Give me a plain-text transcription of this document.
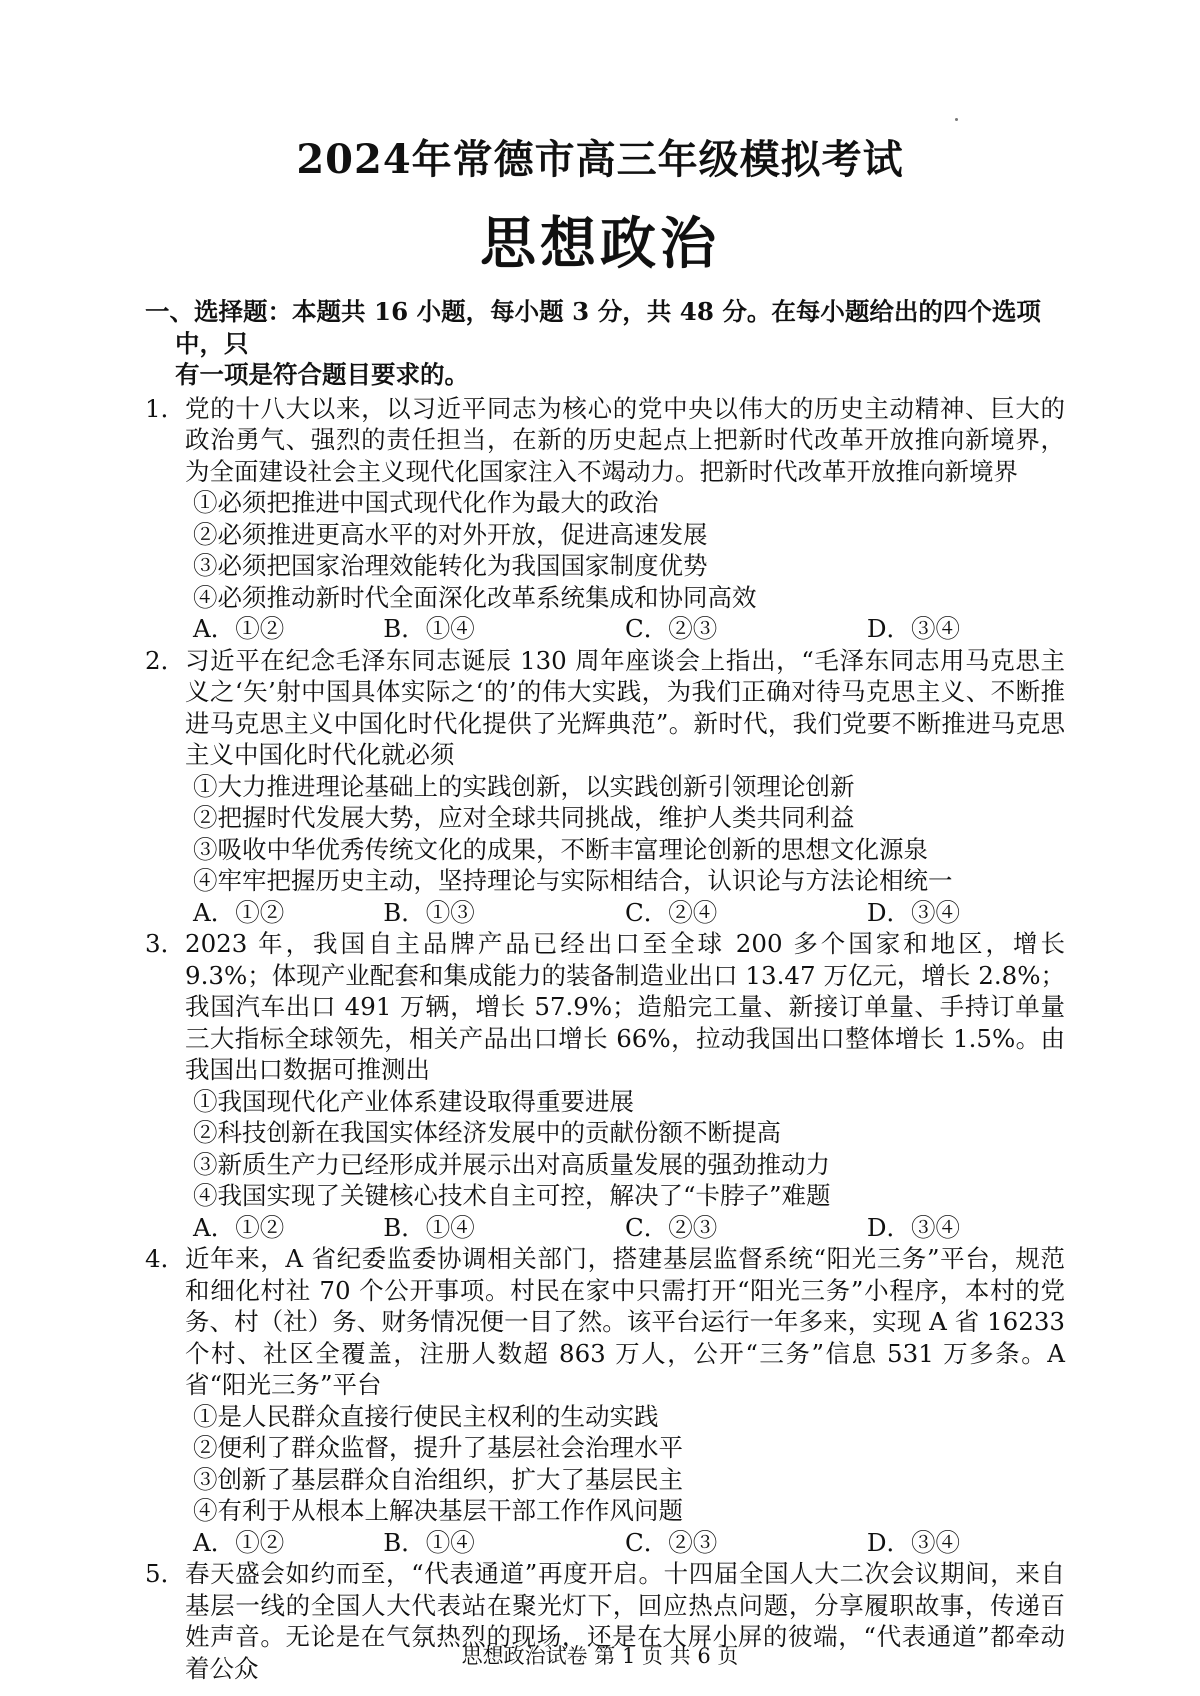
2024年常德市高三年级模拟考试
思想政治
一、选择题：本题共 16 小题，每小题 3 分，共 48 分。在每小题给出的四个选项中，只
有一项是符合题目要求的。
1． 党的十八大以来，以习近平同志为核心的党中央以伟大的历史主动精神、巨大的政治勇气、强烈的责任担当，在新的历史起点上把新时代改革开放推向新境界，为全面建设社会主义现代化国家注入不竭动力。把新时代改革开放推向新境界
①必须把推进中国式现代化作为最大的政治
②必须推进更高水平的对外开放，促进高速发展
③必须把国家治理效能转化为我国国家制度优势
④必须推动新时代全面深化改革系统集成和协同高效
A．①②	B．①④	C．②③	D．③④
2． 习近平在纪念毛泽东同志诞辰 130 周年座谈会上指出，“毛泽东同志用马克思主义之‘矢’射中国具体实际之‘的’的伟大实践，为我们正确对待马克思主义、不断推进马克思主义中国化时代化提供了光辉典范”。新时代，我们党要不断推进马克思主义中国化时代化就必须
①大力推进理论基础上的实践创新，以实践创新引领理论创新
②把握时代发展大势，应对全球共同挑战，维护人类共同利益
③吸收中华优秀传统文化的成果，不断丰富理论创新的思想文化源泉
④牢牢把握历史主动，坚持理论与实际相结合，认识论与方法论相统一
A．①②	B．①③	C．②④	D．③④
3． 2023 年，我国自主品牌产品已经出口至全球 200 多个国家和地区，增长 9.3%；体现产业配套和集成能力的装备制造业出口 13.47 万亿元，增长 2.8%；我国汽车出口 491 万辆，增长 57.9%；造船完工量、新接订单量、手持订单量三大指标全球领先，相关产品出口增长 66%，拉动我国出口整体增长 1.5%。由我国出口数据可推测出
①我国现代化产业体系建设取得重要进展
②科技创新在我国实体经济发展中的贡献份额不断提高
③新质生产力已经形成并展示出对高质量发展的强劲推动力
④我国实现了关键核心技术自主可控，解决了“卡脖子”难题
A．①②	B．①④	C．②③	D．③④
4． 近年来，A 省纪委监委协调相关部门，搭建基层监督系统“阳光三务”平台，规范和细化村社 70 个公开事项。村民在家中只需打开“阳光三务”小程序，本村的党务、村（社）务、财务情况便一目了然。该平台运行一年多来，实现 A 省 16233 个村、社区全覆盖，注册人数超 863 万人，公开“三务”信息 531 万多条。A 省“阳光三务”平台
①是人民群众直接行使民主权利的生动实践
②便利了群众监督，提升了基层社会治理水平
③创新了基层群众自治组织，扩大了基层民主
④有利于从根本上解决基层干部工作作风问题
A．①②	B．①④	C．②③	D．③④
5． 春天盛会如约而至，“代表通道”再度开启。十四届全国人大二次会议期间，来自基层一线的全国人大代表站在聚光灯下，回应热点问题，分享履职故事，传递百姓声音。无论是在气氛热烈的现场，还是在大屏小屏的彼端，“代表通道”都牵动着公众	思想政治试卷 第 1 页 共 6 页
